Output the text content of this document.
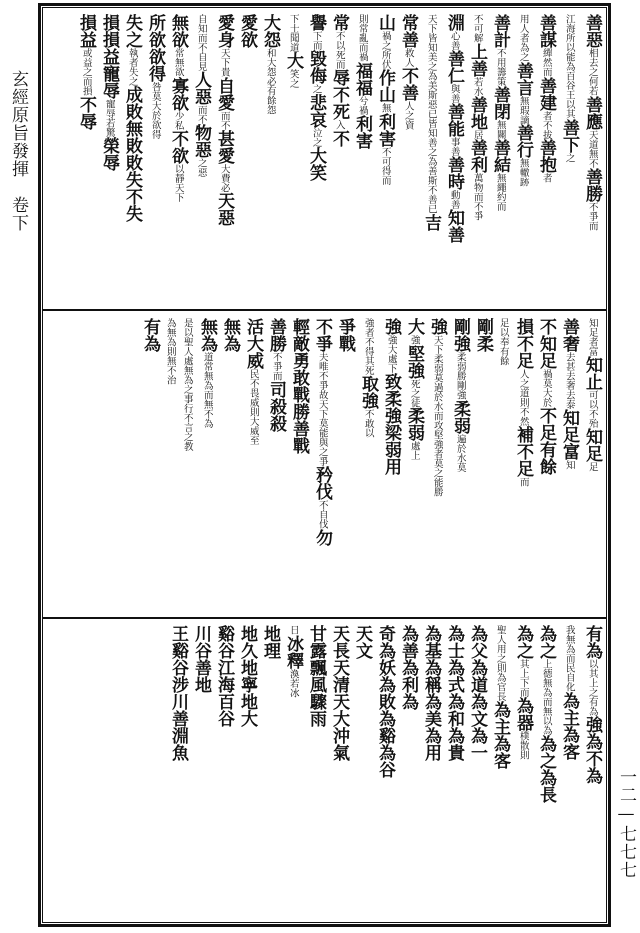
玄經原旨發揮　卷下
一二—七七七
善惡
相去之何若
善應
天道無不
善勝
不爭而
江海所以能為百谷王以其
善下
之
善謀
繟然而
善建
者不拔
善抱
者
用人者為之
善言
無瑕謫
善行
無轍跡
善計
不用籌策
善閉
無關
善結
無繩約而
不可解
上善
若水
善地
居
善利
萬物而不爭
淵
心善
善仁
與善
善能
事善
善時
動善
知善
天下皆知美之為美斯惡已皆知善之為善斯不善已
吉
常善
救人
不善
人之資
山
禍之所伏
作山
無
利害
不可得而
則常亂而禍
福
福
兮禍
利
害
常
不以死而
辱
不
死
入
不
譽
下而
毀
侮
之
悲哀
泣之
大笑
下士聞道
大
笑之
大怨
和大怨必有餘怨
愛欲
愛身
天下貴
自愛
而不
甚愛
大費必
天惡
自知而不自見
人惡
而不
物惡
之惡
無欲
常無欲
寡欲
少私
不欲
以靜天下
所欲
欲得
咎莫大於欲得
失之
執者失之
成敗
無敗
敗失
不失
損
損益
寵辱
寵辱若驚
榮辱
損益
或益之而損
不辱
知足者富
知止
可以不殆
知足
足
善
奢
去甚去奢去泰
知足
富
知
不知足
禍莫大於
不足
有餘
損不足
人之道則不然
補不足
而
足以奉有餘
剛柔
剛強
柔弱勝剛強
柔弱
遍於水莫
強
天下柔弱莫過於水而攻堅強者莫之能勝
大
強
堅強
死之徒
柔弱
處上
強
強大處下
致柔
強梁
弱用
強者不得其死
取強
不敢以
爭戰
不爭
夫唯不爭故天下莫能與之爭
矜伐
不自伐
勿
輕敵
勇敢
戰勝
善戰
善勝
不爭而
司殺
殺
活
大威
民不畏威則大威至
無為
無為
道常無為而無不為
是以聖人處無為之事行不言之教
為無為則無不治
有為
有為
以其上之有為
強為
不為
我無為而民自化
為主
為客
為之
上德無為而無以為
為之
為長
為之
其上下而
為器
樸散則
聖人用之則為官長
為主
為客
為父
為道
為文
為一
為士
為式
為和
為貴
為基
為稱
為美
為用
為善
為利
為
奇
為妖
為敗
為谿
為谷
天文
天長
天清
天大
沖氣
甘露
飄風
驟雨
日
冰釋
渙若冰
地理
地久
地寧
地大
谿谷
江海
百谷
川谷
善地
王
谿谷
涉川
善淵
魚
